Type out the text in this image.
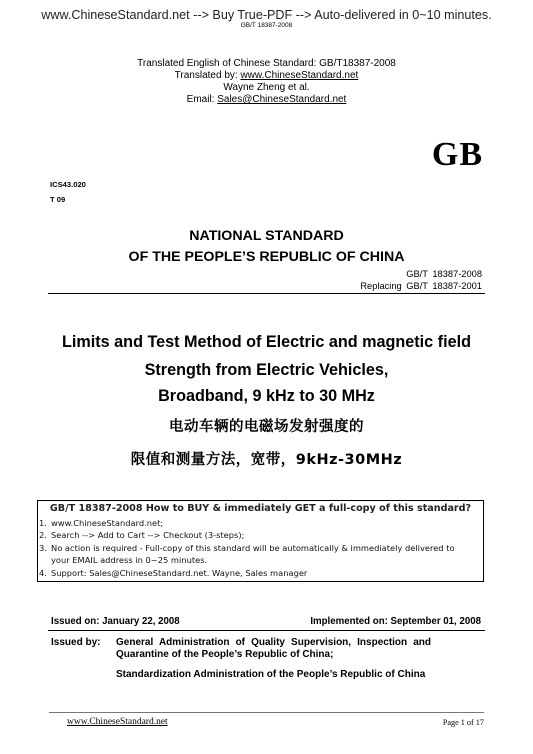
www.ChineseStandard.net --> Buy True-PDF --> Auto-delivered in 0~10 minutes.
GB/T 18387-2008
Translated English of Chinese Standard: GB/T18387-2008
Translated by: www.ChineseStandard.net
Wayne Zheng et al.
Email: Sales@ChineseStandard.net
GB
ICS43.020
T 09
NATIONAL STANDARD
OF THE PEOPLE’S REPUBLIC OF CHINA
GB/T 18387-2008
Replacing GB/T 18387-2001
Limits and Test Method of Electric and magnetic field
Strength from Electric Vehicles,
Broadband, 9 kHz to 30 MHz
电动车辆的电磁场发射强度的
限值和测量方法，宽带，9kHz-30MHz
GB/T 18387-2008 How to BUY & immediately GET a full-copy of this standard?
1. www.ChineseStandard.net;
2. Search --> Add to Cart --> Checkout (3-steps);
3. No action is required - Full-copy of this standard will be automatically & immediately delivered to
your EMAIL address in 0~25 minutes.
4. Support: Sales@ChineseStandard.net. Wayne, Sales manager
Issued on: January 22, 2008	Implemented on: September 01, 2008
Issued by: General Administration of Quality Supervision, Inspection and Quarantine of the People’s Republic of China;
Standardization Administration of the People’s Republic of China
www.ChineseStandard.net	Page 1 of 17
